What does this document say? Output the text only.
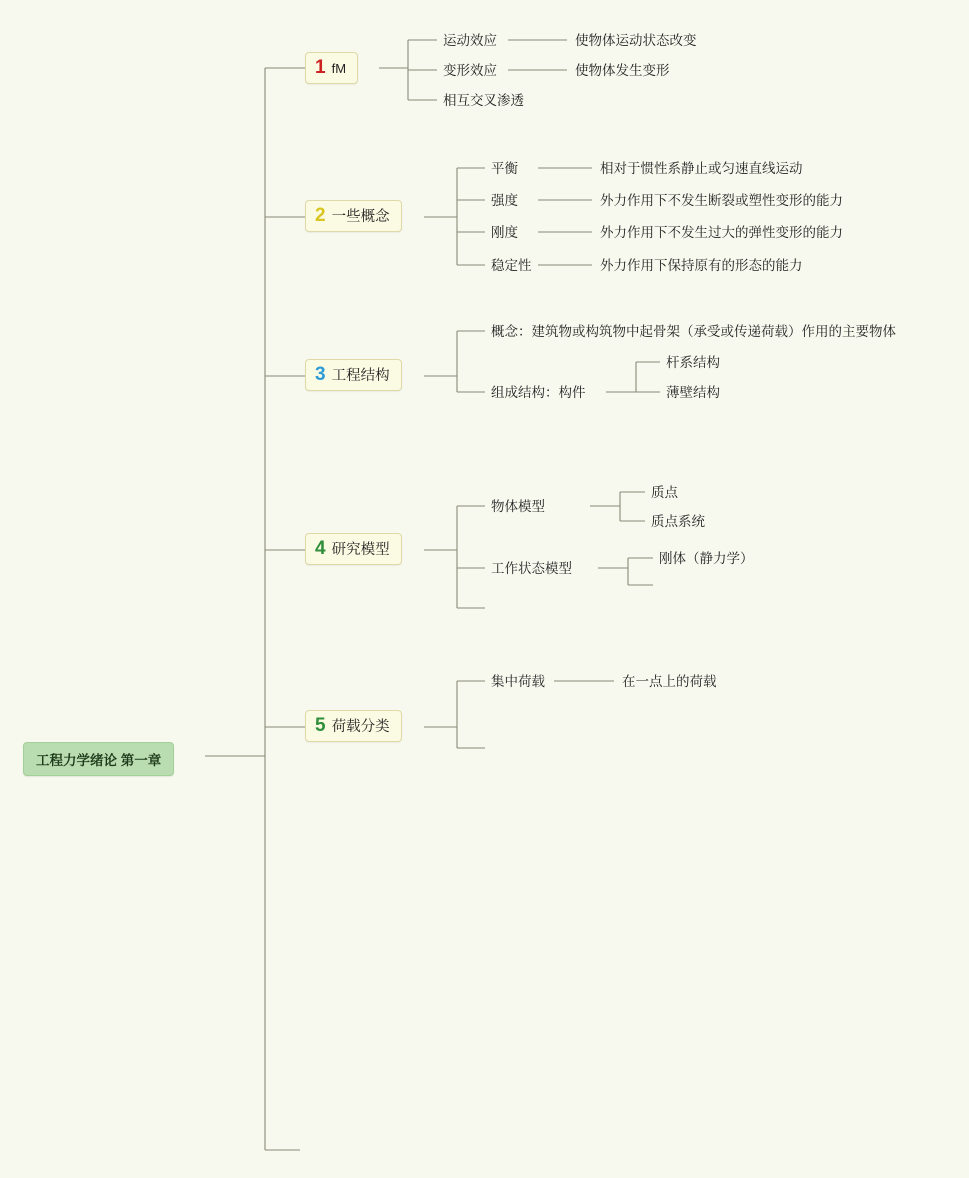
工程力学绪论 第一章
1 fM
运动效应	使物体运动状态改变
变形效应	使物体发生变形
相互交叉渗透
2 一些概念
平衡	相对于惯性系静止或匀速直线运动
强度	外力作用下不发生断裂或塑性变形的能力
刚度	外力作用下不发生过大的弹性变形的能力
稳定性	外力作用下保持原有的形态的能力
3 工程结构
概念：建筑物或构筑物中起骨架（承受或传递荷载）作用的主要物体
组成结构：构件
杆系结构
薄壁结构
4 研究模型
物体模型
质点
质点系统
工作状态模型
刚体（静力学）
5 荷载分类
集中荷载	在一点上的荷载
